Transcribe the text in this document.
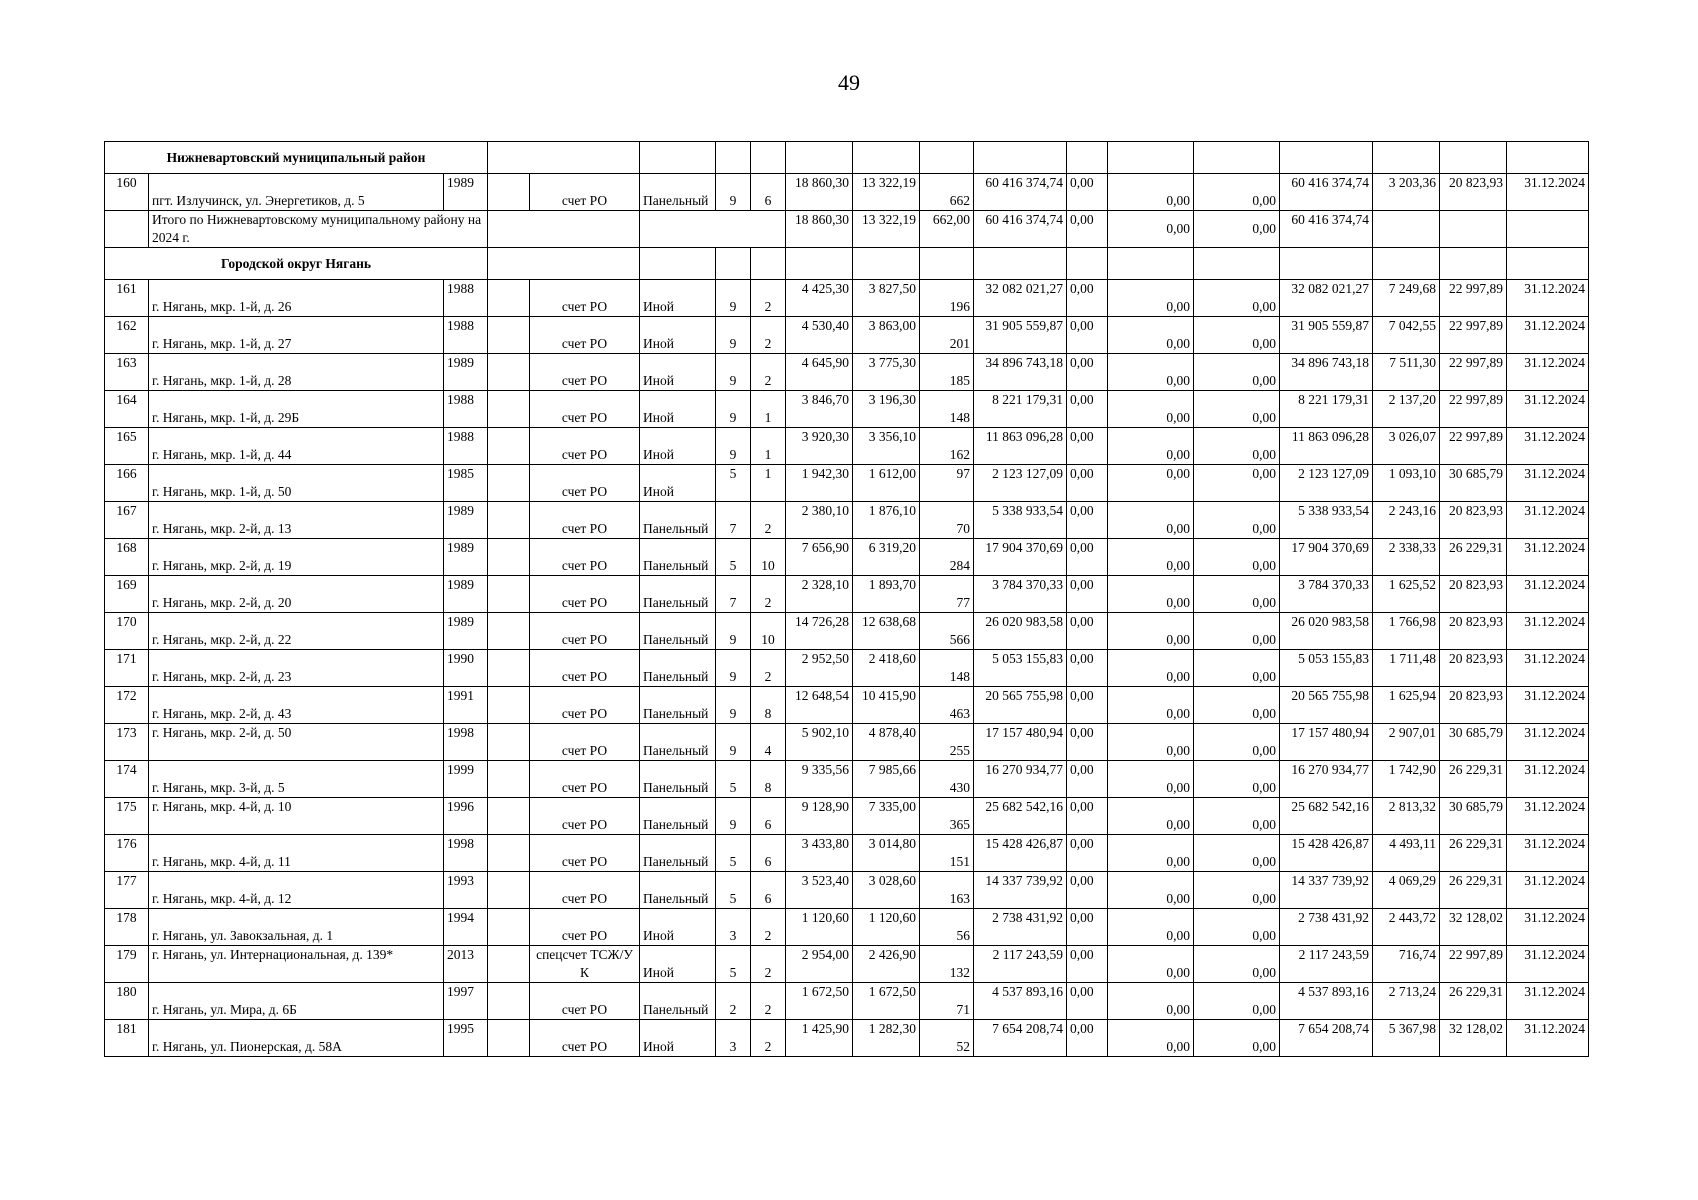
49
Нижневартовский муниципальный район																		
160	пгт. Излучинск, ул. Энергетиков, д. 5	1989		счет РО	Панельный	9	6	18 860,30	13 322,19	662	60 416 374,74	0,00	0,00	0,00	60 416 374,74	3 203,36	20 823,93	31.12.2024
	Итого по Нижневартовскому муниципальному району на 2024 г.							18 860,30	13 322,19	662,00	60 416 374,74	0,00	0,00	0,00	60 416 374,74			
Городской округ Нягань																		
161	г. Нягань, мкр. 1-й, д. 26	1988		счет РО	Иной	9	2	4 425,30	3 827,50	196	32 082 021,27	0,00	0,00	0,00	32 082 021,27	7 249,68	22 997,89	31.12.2024
162	г. Нягань, мкр. 1-й, д. 27	1988		счет РО	Иной	9	2	4 530,40	3 863,00	201	31 905 559,87	0,00	0,00	0,00	31 905 559,87	7 042,55	22 997,89	31.12.2024
163	г. Нягань, мкр. 1-й, д. 28	1989		счет РО	Иной	9	2	4 645,90	3 775,30	185	34 896 743,18	0,00	0,00	0,00	34 896 743,18	7 511,30	22 997,89	31.12.2024
164	г. Нягань, мкр. 1-й, д. 29Б	1988		счет РО	Иной	9	1	3 846,70	3 196,30	148	8 221 179,31	0,00	0,00	0,00	8 221 179,31	2 137,20	22 997,89	31.12.2024
165	г. Нягань, мкр. 1-й, д. 44	1988		счет РО	Иной	9	1	3 920,30	3 356,10	162	11 863 096,28	0,00	0,00	0,00	11 863 096,28	3 026,07	22 997,89	31.12.2024
166	г. Нягань, мкр. 1-й, д. 50	1985		счет РО	Иной	5	1	1 942,30	1 612,00	97	2 123 127,09	0,00	0,00	0,00	2 123 127,09	1 093,10	30 685,79	31.12.2024
167	г. Нягань, мкр. 2-й, д. 13	1989		счет РО	Панельный	7	2	2 380,10	1 876,10	70	5 338 933,54	0,00	0,00	0,00	5 338 933,54	2 243,16	20 823,93	31.12.2024
168	г. Нягань, мкр. 2-й, д. 19	1989		счет РО	Панельный	5	10	7 656,90	6 319,20	284	17 904 370,69	0,00	0,00	0,00	17 904 370,69	2 338,33	26 229,31	31.12.2024
169	г. Нягань, мкр. 2-й, д. 20	1989		счет РО	Панельный	7	2	2 328,10	1 893,70	77	3 784 370,33	0,00	0,00	0,00	3 784 370,33	1 625,52	20 823,93	31.12.2024
170	г. Нягань, мкр. 2-й, д. 22	1989		счет РО	Панельный	9	10	14 726,28	12 638,68	566	26 020 983,58	0,00	0,00	0,00	26 020 983,58	1 766,98	20 823,93	31.12.2024
171	г. Нягань, мкр. 2-й, д. 23	1990		счет РО	Панельный	9	2	2 952,50	2 418,60	148	5 053 155,83	0,00	0,00	0,00	5 053 155,83	1 711,48	20 823,93	31.12.2024
172	г. Нягань, мкр. 2-й, д. 43	1991		счет РО	Панельный	9	8	12 648,54	10 415,90	463	20 565 755,98	0,00	0,00	0,00	20 565 755,98	1 625,94	20 823,93	31.12.2024
173	г. Нягань, мкр. 2-й, д. 50	1998		счет РО	Панельный	9	4	5 902,10	4 878,40	255	17 157 480,94	0,00	0,00	0,00	17 157 480,94	2 907,01	30 685,79	31.12.2024
174	г. Нягань, мкр. 3-й, д. 5	1999		счет РО	Панельный	5	8	9 335,56	7 985,66	430	16 270 934,77	0,00	0,00	0,00	16 270 934,77	1 742,90	26 229,31	31.12.2024
175	г. Нягань, мкр. 4-й, д. 10	1996		счет РО	Панельный	9	6	9 128,90	7 335,00	365	25 682 542,16	0,00	0,00	0,00	25 682 542,16	2 813,32	30 685,79	31.12.2024
176	г. Нягань, мкр. 4-й, д. 11	1998		счет РО	Панельный	5	6	3 433,80	3 014,80	151	15 428 426,87	0,00	0,00	0,00	15 428 426,87	4 493,11	26 229,31	31.12.2024
177	г. Нягань, мкр. 4-й, д. 12	1993		счет РО	Панельный	5	6	3 523,40	3 028,60	163	14 337 739,92	0,00	0,00	0,00	14 337 739,92	4 069,29	26 229,31	31.12.2024
178	г. Нягань, ул. Завокзальная, д. 1	1994		счет РО	Иной	3	2	1 120,60	1 120,60	56	2 738 431,92	0,00	0,00	0,00	2 738 431,92	2 443,72	32 128,02	31.12.2024
179	г. Нягань, ул. Интернациональная, д. 139*	2013		спецсчет ТСЖ/УК	Иной	5	2	2 954,00	2 426,90	132	2 117 243,59	0,00	0,00	0,00	2 117 243,59	716,74	22 997,89	31.12.2024
180	г. Нягань, ул. Мира, д. 6Б	1997		счет РО	Панельный	2	2	1 672,50	1 672,50	71	4 537 893,16	0,00	0,00	0,00	4 537 893,16	2 713,24	26 229,31	31.12.2024
181	г. Нягань, ул. Пионерская, д. 58А	1995		счет РО	Иной	3	2	1 425,90	1 282,30	52	7 654 208,74	0,00	0,00	0,00	7 654 208,74	5 367,98	32 128,02	31.12.2024
